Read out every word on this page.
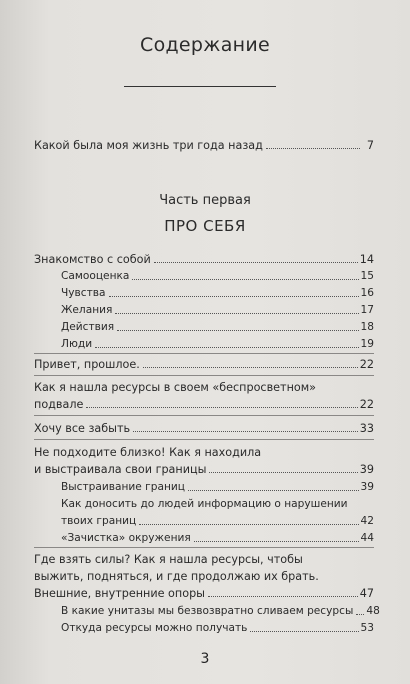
Содержание
Какой была моя жизнь три года назад	7
Часть первая
ПРО СЕБЯ
Знакомство с собой	14
Самооценка	15
Чувства	16
Желания	17
Действия	18
Люди	19
Привет, прошлое.	22
Как я нашла ресурсы в своем «беспросветном»
подвале	22
Хочу все забыть	33
Не подходите близко! Как я находила
и выстраивала свои границы	39
Выстраивание границ	39
Как доносить до людей информацию о нарушении
твоих границ	42
«Зачистка» окружения	44
Где взять силы? Как я нашла ресурсы, чтобы
выжить, подняться, и где продолжаю их брать.
Внешние, внутренние опоры	47
В какие унитазы мы безвозвратно сливаем ресурсы 48
Откуда ресурсы можно получать	53
3
